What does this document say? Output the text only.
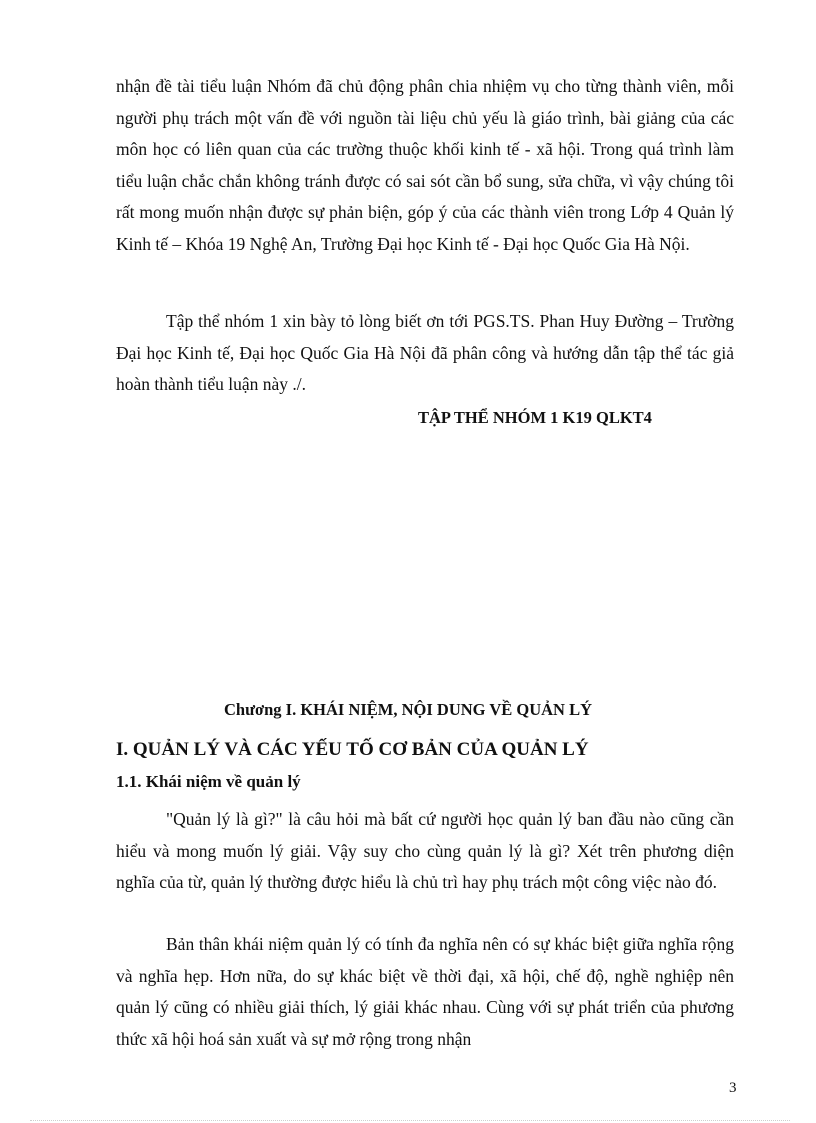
nhận đề tài tiểu luận Nhóm đã chủ động phân chia nhiệm vụ cho từng thành viên, mỗi người phụ trách một vấn đề với nguồn tài liệu chủ yếu là giáo trình, bài giảng của các môn học có liên quan của các trường thuộc khối kinh tế - xã hội. Trong quá trình làm tiểu luận chắc chắn không tránh được có sai sót cần bổ sung, sửa chữa, vì vậy chúng tôi rất mong muốn nhận được sự phản biện, góp ý của các thành viên trong Lớp 4 Quản lý Kinh tế – Khóa 19 Nghệ An, Trường Đại học Kinh tế - Đại học Quốc Gia Hà Nội.

Tập thể nhóm 1 xin bày tỏ lòng biết ơn tới PGS.TS. Phan Huy Đường – Trường Đại học Kinh tế, Đại học Quốc Gia Hà Nội đã phân công và hướng dẫn tập thể tác giả hoàn thành tiểu luận này ./.

TẬP THỂ NHÓM 1 K19 QLKT4

Chương I. KHÁI NIỆM, NỘI DUNG VỀ QUẢN LÝ
I. QUẢN LÝ VÀ CÁC YẾU TỐ CƠ BẢN CỦA QUẢN LÝ
1.1. Khái niệm về quản lý

"Quản lý là gì?" là câu hỏi mà bất cứ người học quản lý ban đầu nào cũng cần hiểu và mong muốn lý giải. Vậy suy cho cùng quản lý là gì? Xét trên phương diện nghĩa của từ, quản lý thường được hiểu là chủ trì hay phụ trách một công việc nào đó.

Bản thân khái niệm quản lý có tính đa nghĩa nên có sự khác biệt giữa nghĩa rộng và nghĩa hẹp. Hơn nữa, do sự khác biệt về thời đại, xã hội, chế độ, nghề nghiệp nên quản lý cũng có nhiều giải thích, lý giải khác nhau. Cùng với sự phát triển của phương thức xã hội hoá sản xuất và sự mở rộng trong nhận

3
